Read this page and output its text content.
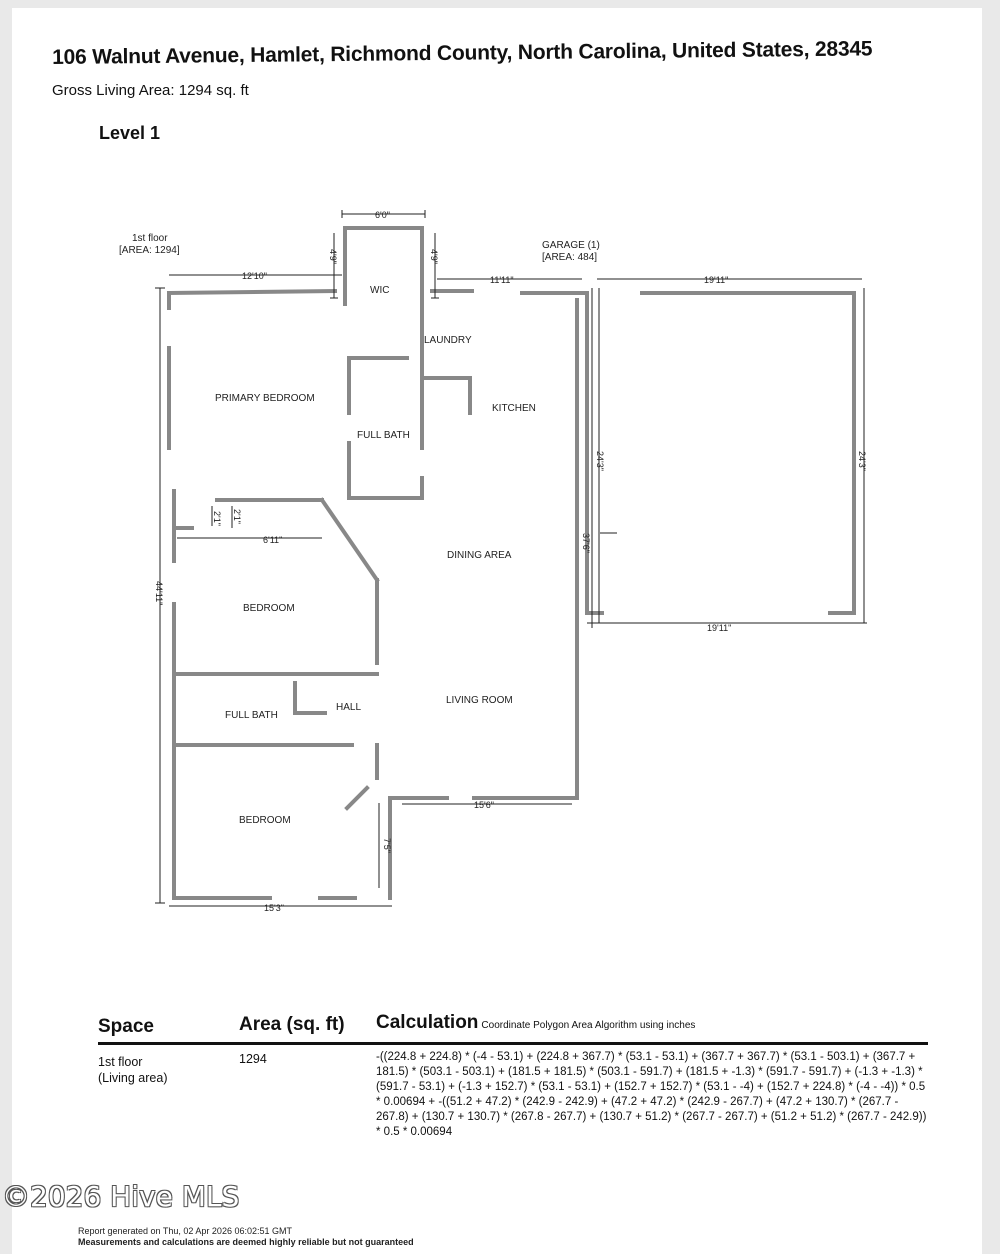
106 Walnut Avenue, Hamlet, Richmond County, North Carolina, United States, 28345
Gross Living Area: 1294 sq. ft
Level 1
1st floor
[AREA: 1294]	GARAGE (1)
[AREA: 484]
WIC
LAUNDRY
PRIMARY BEDROOM
KITCHEN
FULL BATH
DINING AREA
BEDROOM
LIVING ROOM
HALL
FULL BATH
BEDROOM
6'0"
4'9"	4'9"
12'10"	11'11"	19'11"
24'3"	24'3"
37'6"
19'11"
2'1" 2'1"
6'11"
44'11"
15'6"
7'5"
15'3"
Space	Area (sq. ft) Calculation Coordinate Polygon Area Algorithm using inches
1st floor
(Living area)
1294	-((224.8 + 224.8) * (-4 - 53.1) + (224.8 + 367.7) * (53.1 - 53.1) + (367.7 + 367.7) * (53.1 - 503.1) + (367.7 + 181.5) * (503.1 - 503.1) + (181.5 + 181.5) * (503.1 - 591.7) + (181.5 + -1.3) * (591.7 - 591.7) + (-1.3 + -1.3) * (591.7 - 53.1) + (-1.3 + 152.7) * (53.1 - 53.1) + (152.7 + 152.7) * (53.1 - -4) + (152.7 + 224.8) * (-4 - -4)) * 0.5 * 0.00694 + -((51.2 + 47.2) * (242.9 - 242.9) + (47.2 + 47.2) * (242.9 - 267.7) + (47.2 + 130.7) * (267.7 - 267.8) + (130.7 + 130.7) * (267.8 - 267.7) + (130.7 + 51.2) * (267.7 - 267.7) + (51.2 + 51.2) * (267.7 - 242.9)) * 0.5 * 0.00694
Report generated on Thu, 02 Apr 2026 06:02:51 GMT
Measurements and calculations are deemed highly reliable but not guaranteed
©2026 Hive MLS
